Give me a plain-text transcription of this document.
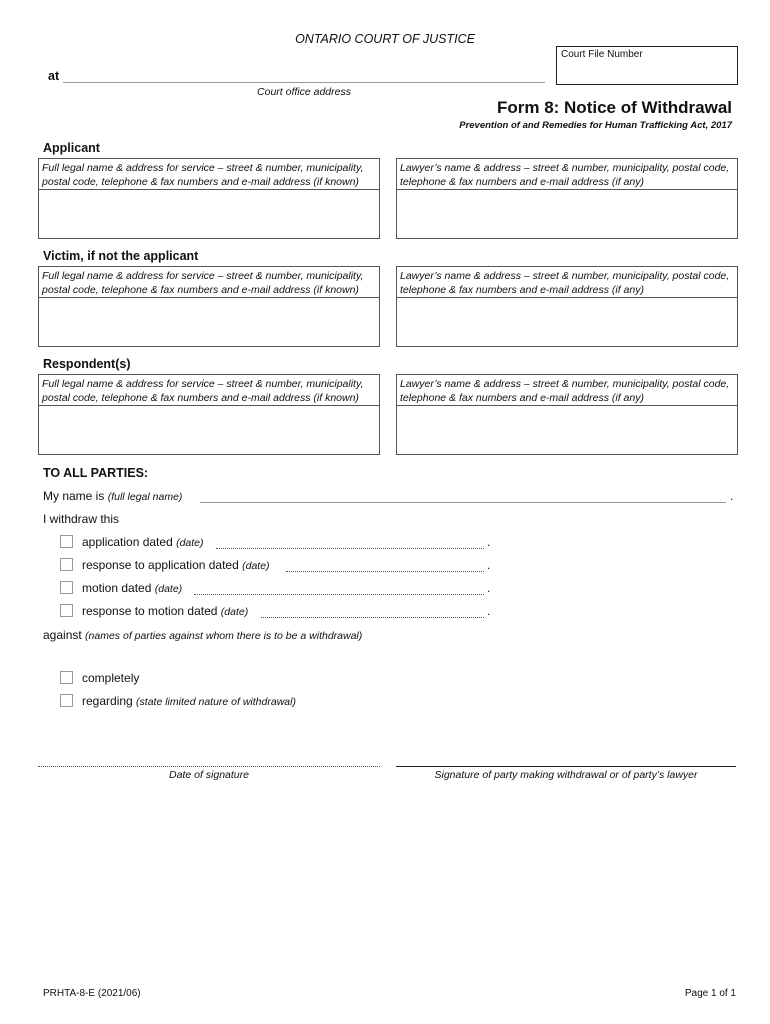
ONTARIO COURT OF JUSTICE
Court File Number
at
Court office address
Form 8: Notice of Withdrawal
Prevention of and Remedies for Human Trafficking Act, 2017
Applicant
Full legal name & address for service – street & number, municipality, postal code, telephone & fax numbers and e-mail address (if known)
Lawyer’s name & address – street & number, municipality, postal code, telephone & fax numbers and e-mail address (if any)
Victim, if not the applicant
Full legal name & address for service – street & number, municipality, postal code, telephone & fax numbers and e-mail address (if known)
Lawyer’s name & address – street & number, municipality, postal code, telephone & fax numbers and e-mail address (if any)
Respondent(s)
Full legal name & address for service – street & number, municipality, postal code, telephone & fax numbers and e-mail address (if known)
Lawyer’s name & address – street & number, municipality, postal code, telephone & fax numbers and e-mail address (if any)
TO ALL PARTIES:
My name is (full legal name)	.
I withdraw this
application dated (date)	.
response to application dated (date)	.
motion dated (date)	.
response to motion dated (date)	.
against (names of parties against whom there is to be a withdrawal)
completely
regarding (state limited nature of withdrawal)
Date of signature	Signature of party making withdrawal or of party’s lawyer
PRHTA-8-E (2021/06)	Page 1 of 1
